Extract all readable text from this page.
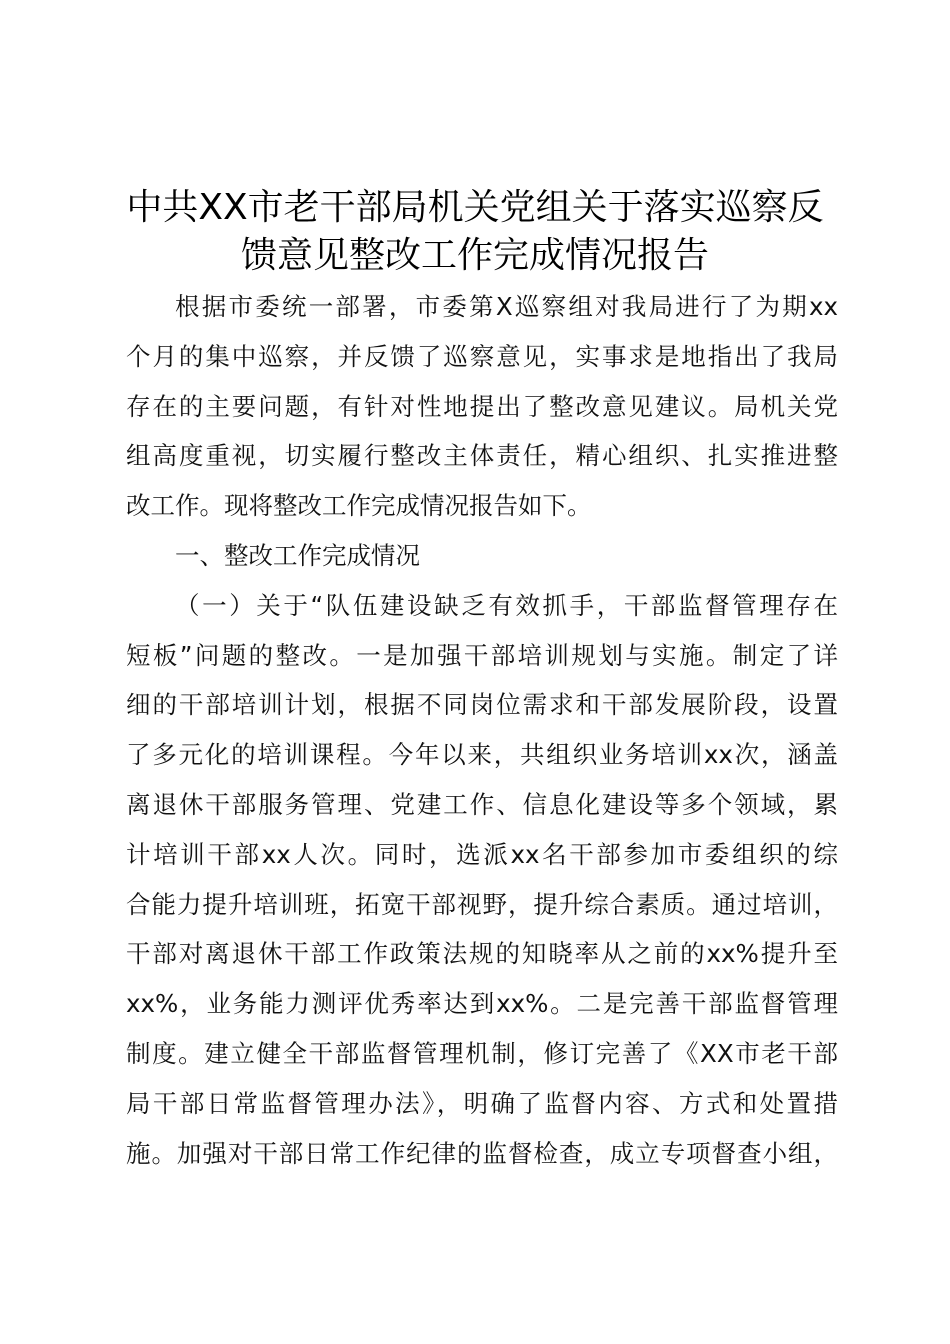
中共XX市老干部局机关党组关于落实巡察反
馈意见整改工作完成情况报告
根据市委统一部署，市委第Ⅹ巡察组对我局进行了为期xx
个月的集中巡察，并反馈了巡察意见，实事求是地指出了我局
存在的主要问题，有针对性地提出了整改意见建议。局机关党
组高度重视，切实履行整改主体责任，精心组织、扎实推进整
改工作。现将整改工作完成情况报告如下。
一、整改工作完成情况
（一）关于“队伍建设缺乏有效抓手，干部监督管理存在
短板”问题的整改。一是加强干部培训规划与实施。制定了详
细的干部培训计划，根据不同岗位需求和干部发展阶段，设置
了多元化的培训课程。今年以来，共组织业务培训xx次，涵盖
离退休干部服务管理、党建工作、信息化建设等多个领域，累
计培训干部xx人次。同时，选派xx名干部参加市委组织的综
合能力提升培训班，拓宽干部视野，提升综合素质。通过培训，
干部对离退休干部工作政策法规的知晓率从之前的xx%提升至
xx%，业务能力测评优秀率达到xx%。二是完善干部监督管理
制度。建立健全干部监督管理机制，修订完善了《XX市老干部
局干部日常监督管理办法》，明确了监督内容、方式和处置措
施。加强对干部日常工作纪律的监督检查，成立专项督查小组，
